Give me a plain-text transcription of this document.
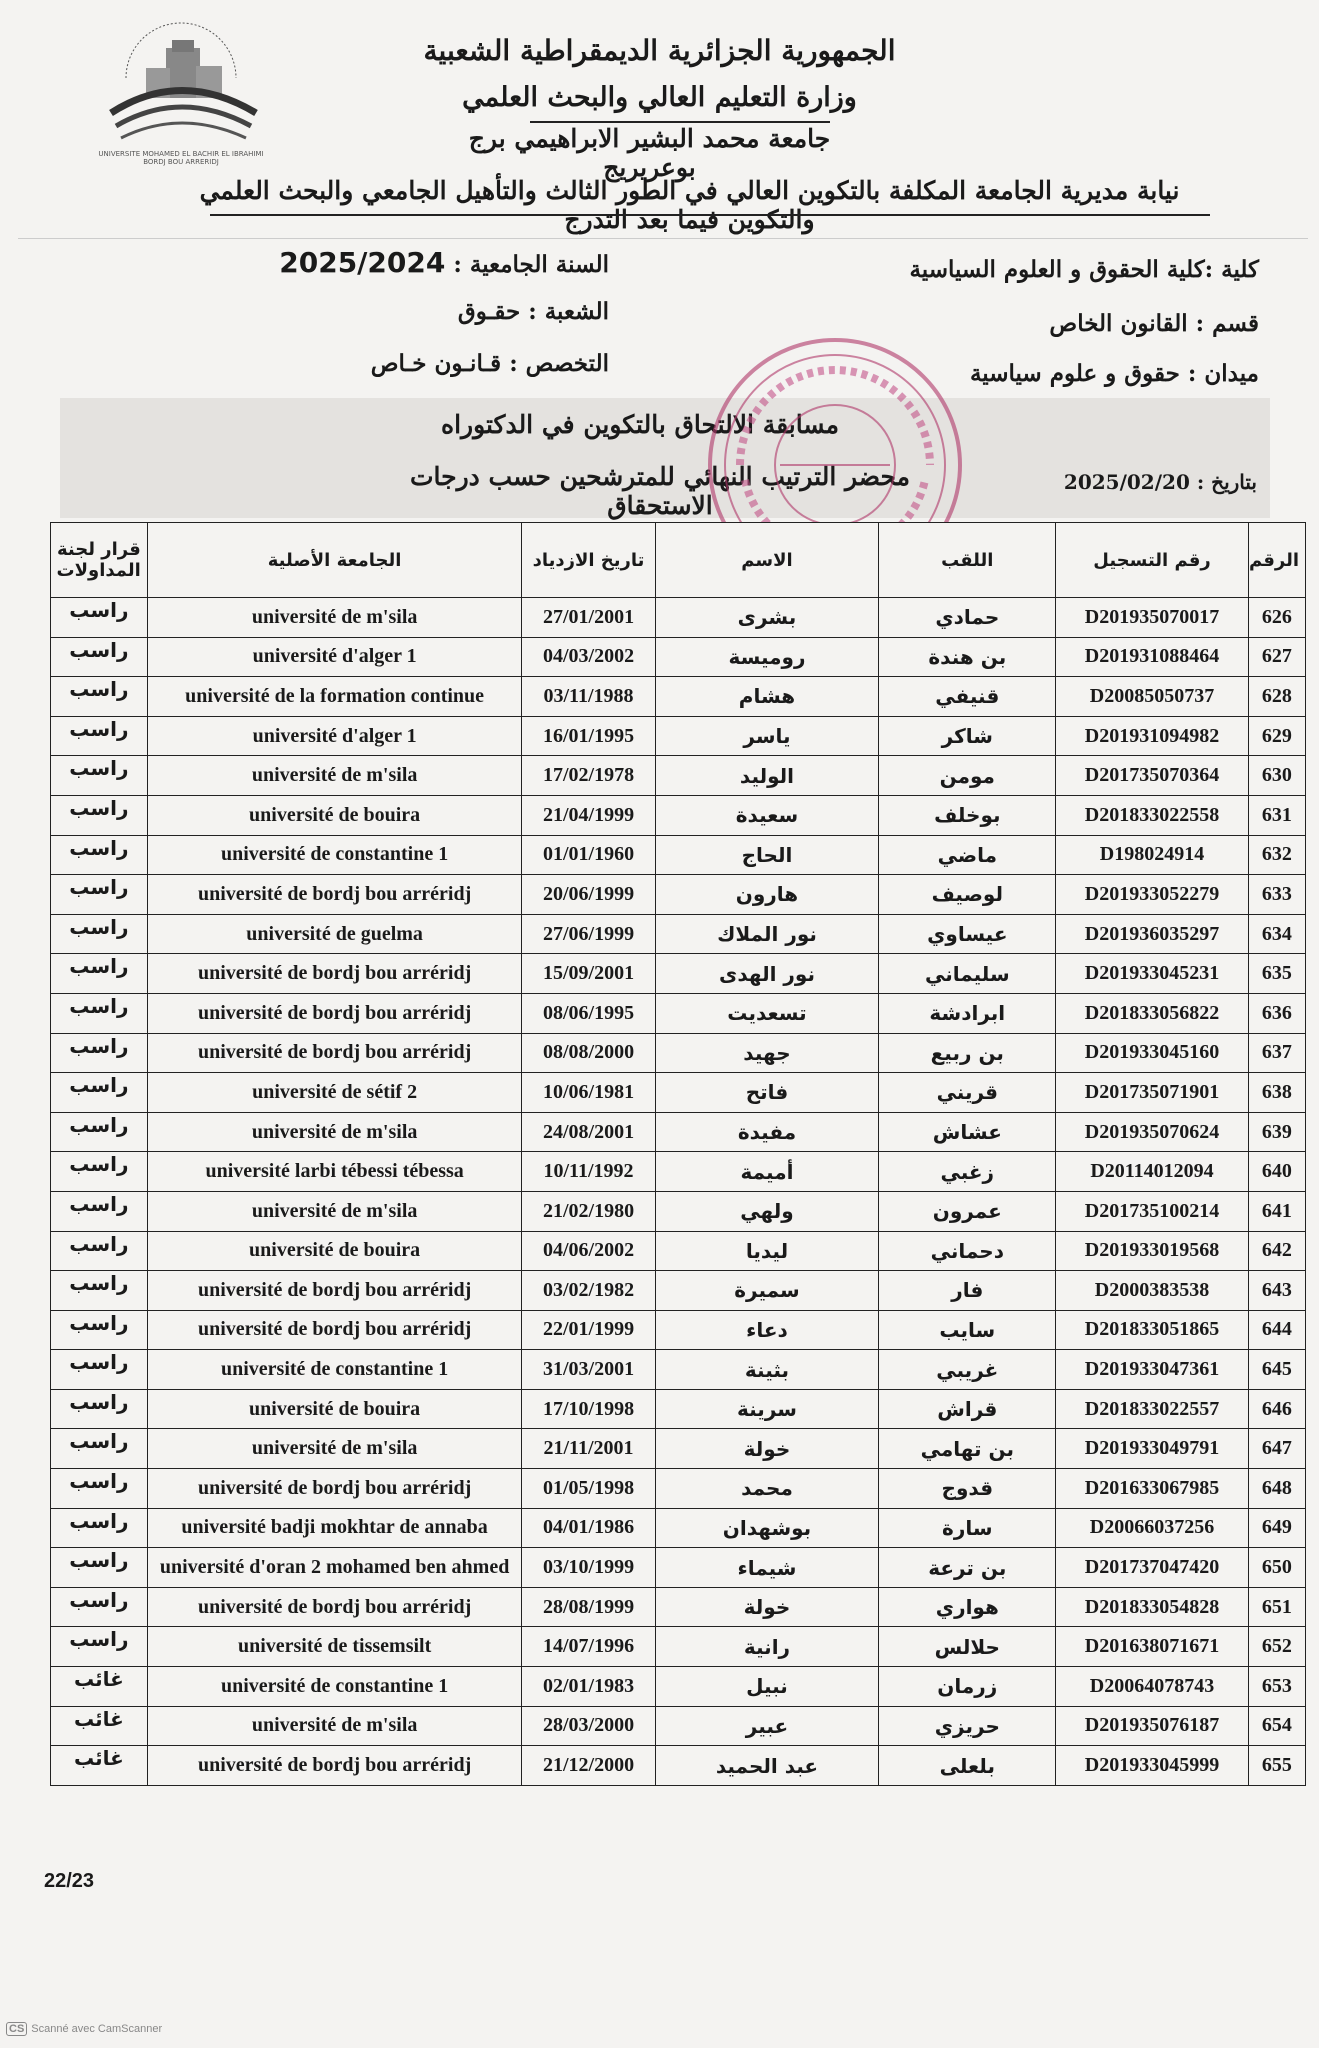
UNIVERSITE MOHAMED EL BACHIR EL IBRAHIMI BORDJ BOU ARRERIDJ
الجمهورية الجزائرية الديمقراطية الشعبية
وزارة التعليم العالي والبحث العلمي
جامعة محمد البشير الابراهيمي برج بوعريريج
نيابة مديرية الجامعة المكلفة بالتكوين العالي في الطور الثالث والتأهيل الجامعي والبحث العلمي والتكوين فيما بعد التدرج
كلية :كلية الحقوق و العلوم السياسية
قسم : القانون الخاص
ميدان : حقوق و علوم سياسية
السنة الجامعية : 2025/2024
الشعبة : حقـوق
التخصص : قـانـون خـاص
مسابقة الالتحاق بالتكوين في الدكتوراه
محضر الترتيب النهائي للمترشحين حسب درجات الاستحقاق
بتاريخ : 2025/02/20
الرقم	رقم التسجيل	اللقب	الاسم	تاريخ الازدياد	الجامعة الأصلية	قرار لجنة المداولات
626	D201935070017	حمادي	بشرى	27/01/2001	université de m'sila	راسب
627	D201931088464	بن هندة	روميسة	04/03/2002	université d'alger 1	راسب
628	D20085050737	قنيفي	هشام	03/11/1988	université de la formation continue	راسب
629	D201931094982	شاكر	ياسر	16/01/1995	université d'alger 1	راسب
630	D201735070364	مومن	الوليد	17/02/1978	université de m'sila	راسب
631	D201833022558	بوخلف	سعيدة	21/04/1999	université de bouira	راسب
632	D198024914	ماضي	الحاج	01/01/1960	université de constantine 1	راسب
633	D201933052279	لوصيف	هارون	20/06/1999	université de bordj bou arréridj	راسب
634	D201936035297	عيساوي	نور الملاك	27/06/1999	université de guelma	راسب
635	D201933045231	سليماني	نور الهدى	15/09/2001	université de bordj bou arréridj	راسب
636	D201833056822	ابرادشة	تسعديت	08/06/1995	université de bordj bou arréridj	راسب
637	D201933045160	بن ربيع	جهيد	08/08/2000	université de bordj bou arréridj	راسب
638	D201735071901	قريني	فاتح	10/06/1981	université de sétif 2	راسب
639	D201935070624	عشاش	مفيدة	24/08/2001	université de m'sila	راسب
640	D20114012094	زغبي	أميمة	10/11/1992	université larbi tébessi tébessa	راسب
641	D201735100214	عمرون	ولهي	21/02/1980	université de m'sila	راسب
642	D201933019568	دحماني	ليديا	04/06/2002	université de bouira	راسب
643	D2000383538	فار	سميرة	03/02/1982	université de bordj bou arréridj	راسب
644	D201833051865	سايب	دعاء	22/01/1999	université de bordj bou arréridj	راسب
645	D201933047361	غريبي	بثينة	31/03/2001	université de constantine 1	راسب
646	D201833022557	قراش	سرينة	17/10/1998	université de bouira	راسب
647	D201933049791	بن تهامي	خولة	21/11/2001	université de m'sila	راسب
648	D201633067985	قدوج	محمد	01/05/1998	université de bordj bou arréridj	راسب
649	D20066037256	سارة	بوشهدان	04/01/1986	université badji mokhtar de annaba	راسب
650	D201737047420	بن ترعة	شيماء	03/10/1999	université d'oran 2 mohamed ben ahmed	راسب
651	D201833054828	هواري	خولة	28/08/1999	université de bordj bou arréridj	راسب
652	D201638071671	حلالس	رانية	14/07/1996	université de tissemsilt	راسب
653	D20064078743	زرمان	نبيل	02/01/1983	université de constantine 1	غائب
654	D201935076187	حريزي	عبير	28/03/2000	université de m'sila	غائب
655	D201933045999	بلعلى	عبد الحميد	21/12/2000	université de bordj bou arréridj	غائب
22/23
CS Scanné avec CamScanner
